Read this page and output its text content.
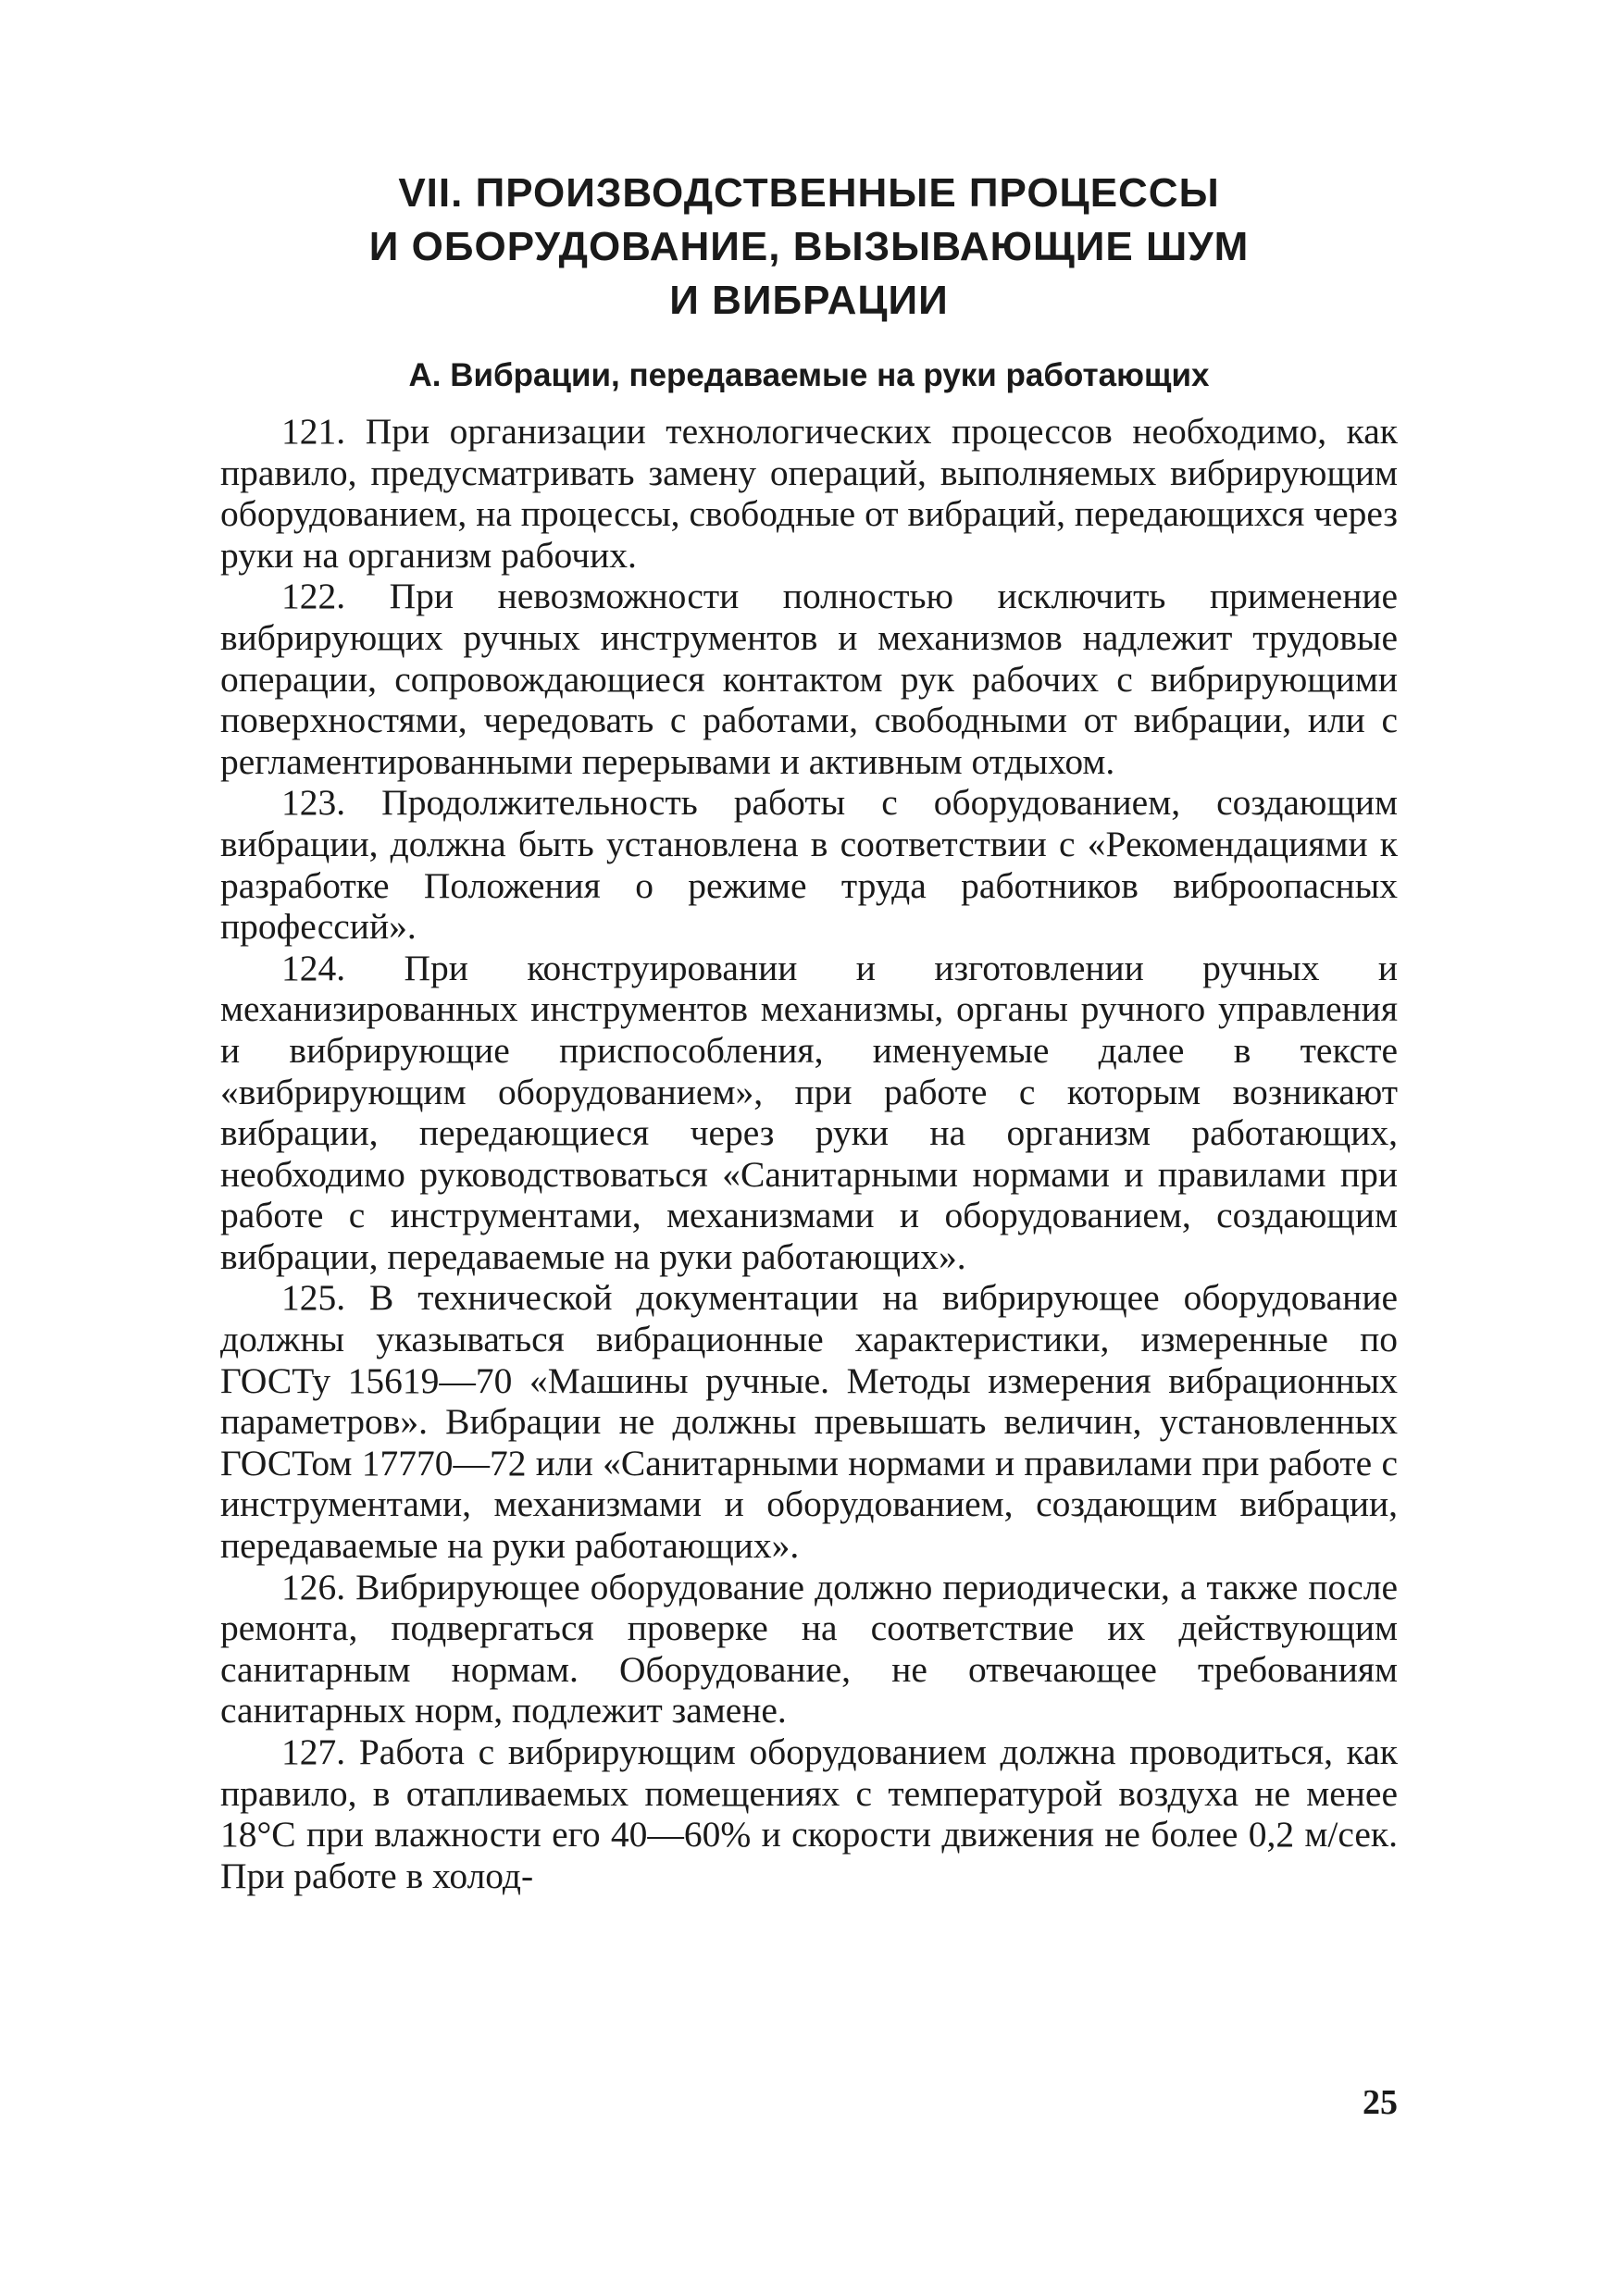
VII. ПРОИЗВОДСТВЕННЫЕ ПРОЦЕССЫ
И ОБОРУДОВАНИЕ, ВЫЗЫВАЮЩИЕ ШУМ
И ВИБРАЦИИ
А. Вибрации, передаваемые на руки работающих

121. При организации технологических процессов необходимо, как правило, предусматривать замену операций, выполняемых вибрирующим оборудованием, на процессы, свободные от вибраций, передающихся через руки на организм рабочих.

122. При невозможности полностью исключить применение вибрирующих ручных инструментов и механизмов надлежит трудовые операции, сопровождающиеся контактом рук рабочих с вибрирующими поверхностями, чередовать с работами, свободными от вибрации, или с регламентированными перерывами и активным отдыхом.

123. Продолжительность работы с оборудованием, создающим вибрации, должна быть установлена в соответствии с «Рекомендациями к разработке Положения о режиме труда работников виброопасных профессий».

124. При конструировании и изготовлении ручных и механизированных инструментов механизмы, органы ручного управления и вибрирующие приспособления, именуемые далее в тексте «вибрирующим оборудованием», при работе с которым возникают вибрации, передающиеся через руки на организм работающих, необходимо руководствоваться «Санитарными нормами и правилами при работе с инструментами, механизмами и оборудованием, создающим вибрации, передаваемые на руки работающих».

125. В технической документации на вибрирующее оборудование должны указываться вибрационные характеристики, измеренные по ГОСТу 15619—70 «Машины ручные. Методы измерения вибрационных параметров». Вибрации не должны превышать величин, установленных ГОСТом 17770—72 или «Санитарными нормами и правилами при работе с инструментами, механизмами и оборудованием, создающим вибрации, передаваемые на руки работающих».

126. Вибрирующее оборудование должно периодически, а также после ремонта, подвергаться проверке на соответствие их действующим санитарным нормам. Оборудование, не отвечающее требованиям санитарных норм, подлежит замене.

127. Работа с вибрирующим оборудованием должна проводиться, как правило, в отапливаемых помещениях с температурой воздуха не менее 18°С при влажности его 40—60% и скорости движения не более 0,2 м/сек. При работе в холод-

25
